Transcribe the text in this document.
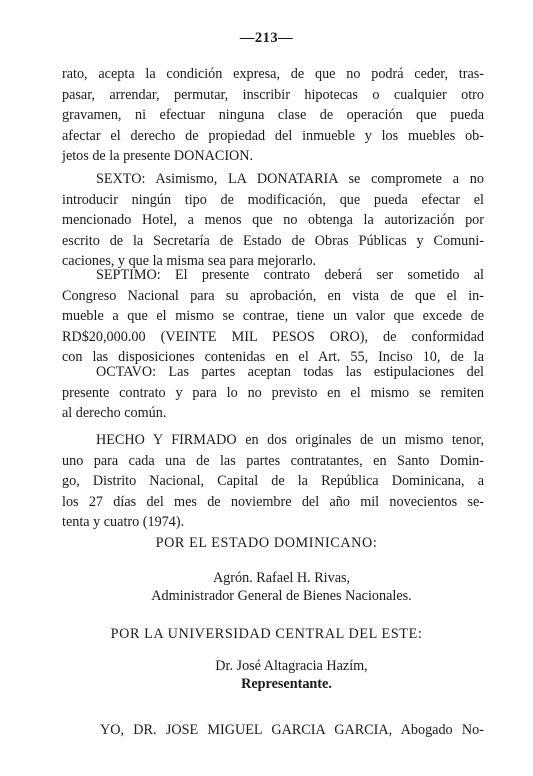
—213—
rato, acepta la condición expresa, de que no podrá ceder, tras-
pasar, arrendar, permutar, inscribir hipotecas o cualquier otro
gravamen, ni efectuar ninguna clase de operación que pueda
afectar el derecho de propiedad del inmueble y los muebles ob-
jetos de la presente DONACION.
SEXTO: Asimismo, LA DONATARIA se compromete a no
introducir ningún tipo de modificación, que pueda efectar el
mencionado Hotel, a menos que no obtenga la autorización por
escrito de la Secretaría de Estado de Obras Públicas y Comuni-
caciones, y que la misma sea para mejorarlo.
SEPTIMO: El presente contrato deberá ser sometido al
Congreso Nacional para su aprobación, en vista de que el in-
mueble a que el mismo se contrae, tiene un valor que excede de
RD$20,000.00 (VEINTE MIL PESOS ORO), de conformidad
con las disposiciones contenidas en el Art. 55, Inciso 10, de la
OCTAVO: Las partes aceptan todas las estipulaciones del
presente contrato y para lo no previsto en el mismo se remiten
al derecho común.
HECHO Y FIRMADO en dos originales de un mismo tenor,
uno para cada una de las partes contratantes, en Santo Domin-
go, Distrito Nacional, Capital de la República Dominicana, a
los 27 días del mes de noviembre del año mil novecientos se-
tenta y cuatro (1974).
POR EL ESTADO DOMINICANO:
Agrón. Rafael H. Rivas,
Administrador General de Bienes Nacionales.
POR LA UNIVERSIDAD CENTRAL DEL ESTE:
Dr. José Altagracia Hazím,
Representante.
YO, DR. JOSE MIGUEL GARCIA GARCIA, Abogado No-
